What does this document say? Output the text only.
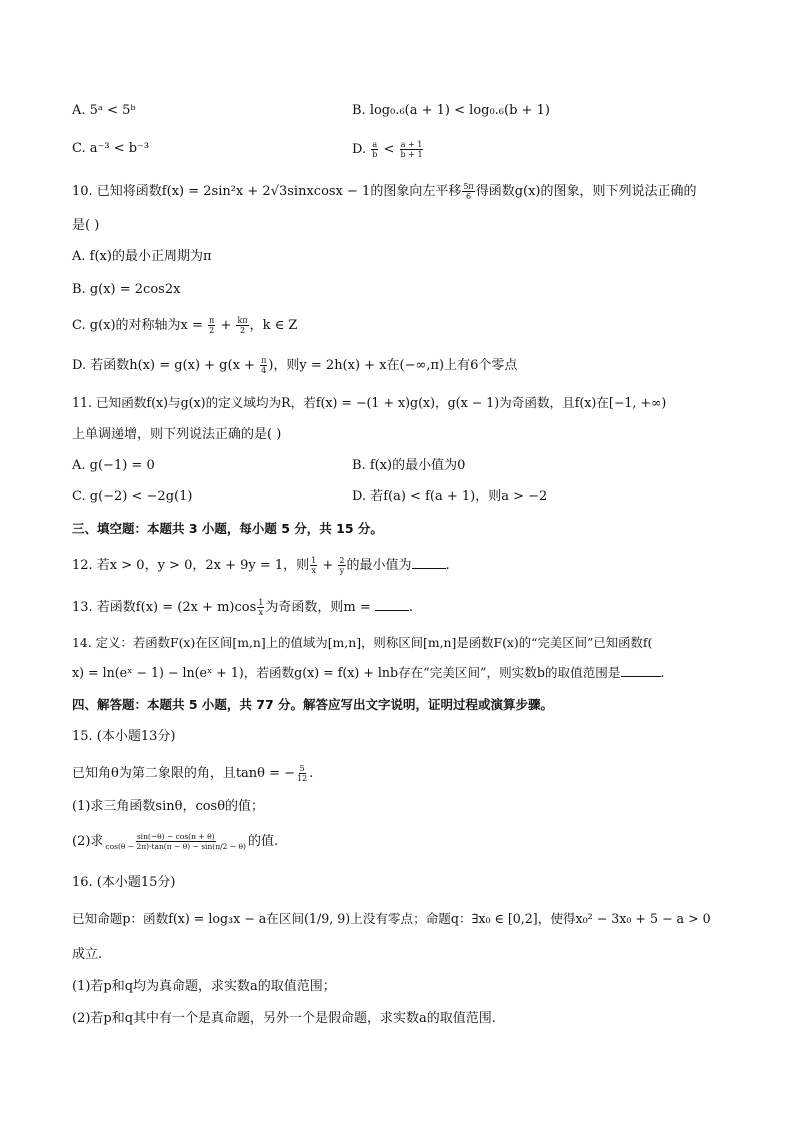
A. 5ᵃ < 5ᵇ	B. log₀.₆(a + 1) < log₀.₆(b + 1)
C. a⁻³ < b⁻³	D. $\frac{a}{b} < \frac{a + 1}{b + 1}$
10. 已知将函数f(x) = 2sin²x + 2√3sinxcosx − 1的图象向左平移 $\frac{5\pi}{6}$ 得函数g(x)的图象，则下列说法正确的
是( )
A. f(x)的最小正周期为π
B. g(x) = 2cos2x
C. g(x)的对称轴为$x = \frac{\pi}{2} + \frac{k\pi}{2}$ ，k ∈ Z
D. 若函数$h(x) = g(x) + g(x + \frac{\pi}{4}$ )，则y = 2h(x) + x在(−∞,π)上有6个零点
11. 已知函数f(x)与g(x)的定义域均为R，若f(x) = −(1 + x)g(x)，g(x − 1)为奇函数，且f(x)在[−1, +∞)
上单调递增，则下列说法正确的是( )
A. g(−1) = 0	B. f(x)的最小值为0
C. g(−2) < −2g(1)	D. 若f(a) < f(a + 1)，则a > −2
三、填空题：本题共 3 小题，每小题 5 分，共 15 分。
12. 若x > 0，y > 0，2x + 9y = 1，则 $\frac{1}{x} + \frac{2}{y}$ 的最小值为	.
13. 若函数$f(x) = (2x + m)\cos \frac{1}{x}$ 为奇函数，则m =	.
14. 定义：若函数F(x)在区间[m,n]上的值域为[m,n]，则称区间[m,n]是函数F(x)的“完美区间”已知函数f(
x) = ln(eˣ − 1) − ln(eˣ + 1)，若函数g(x) = f(x) + lnb存在“完美区间”，则实数b的取值范围是	.
四、解答题：本题共 5 小题，共 77 分。解答应写出文字说明，证明过程或演算步骤。
15. (本小题13分)
已知角θ为第二象限的角，且tanθ = − $\frac{5}{12}$ .
(1)求三角函数sinθ，cosθ的值；
(2)求 $\frac{\sin(-\theta) - \cos(\pi + \theta)}{\cos(\theta - 2\pi)\cdot\tan(\pi - \theta) - \sin(\pi/2 - \theta)}$ 的值.
16. (本小题15分)
已知命题p：函数f(x) = log₃x − a在区间(1/9, 9)上没有零点；命题q：∃x₀ ∈ [0,2]，使得x₀² − 3x₀ + 5 − a > 0
成立.
(1)若p和q均为真命题，求实数a的取值范围；
(2)若p和q其中有一个是真命题，另外一个是假命题，求实数a的取值范围.
